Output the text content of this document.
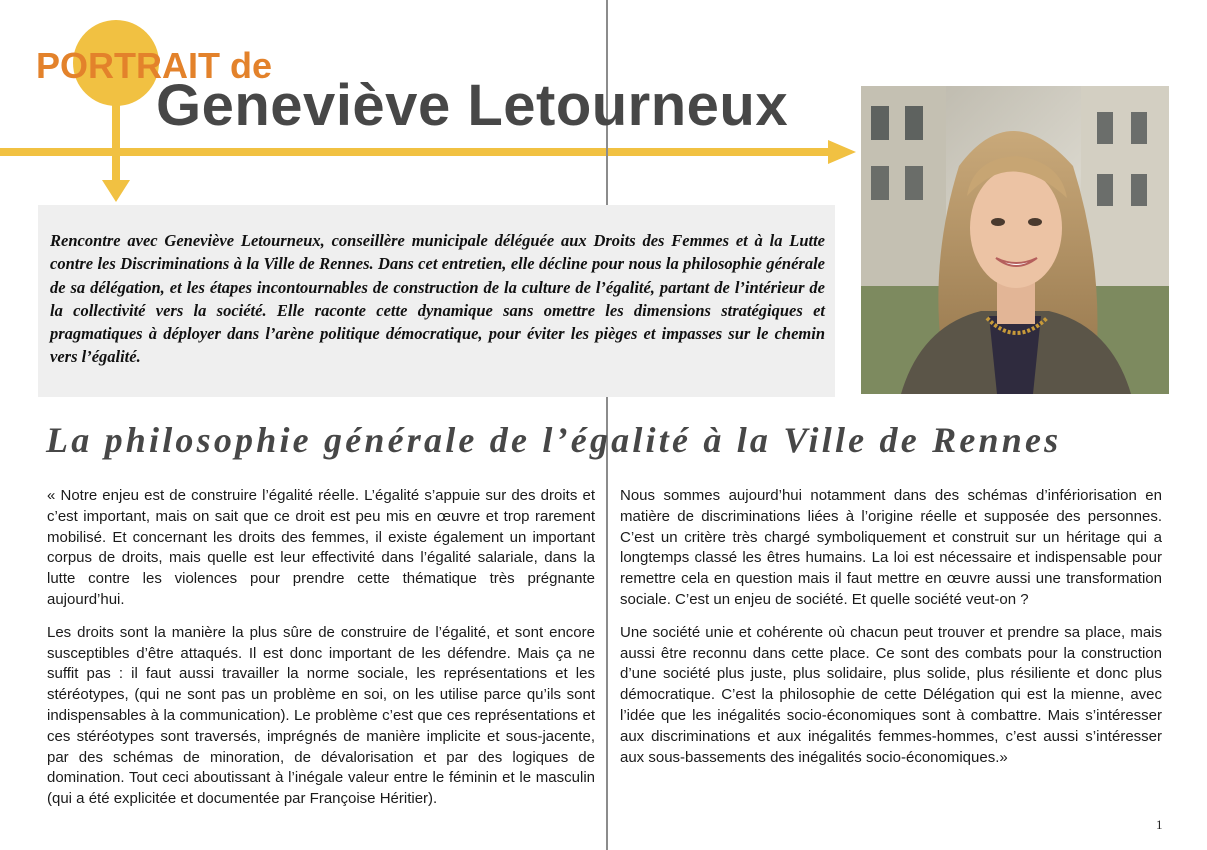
PORTRAIT de
Geneviève Letourneux

Rencontre avec Geneviève Letourneux, conseillère municipale déléguée aux Droits des Femmes et à la Lutte contre les Discriminations à la Ville de Rennes. Dans cet entretien, elle décline pour nous la philosophie générale de sa délégation, et les étapes incontournables de construction de la culture de l’égalité, partant de l’intérieur de la collectivité vers la société. Elle raconte cette dynamique sans omettre les dimensions stratégiques et pragmatiques à déployer dans l’arène politique démocratique, pour éviter les pièges et impasses sur le chemin vers l’égalité.

La philosophie générale de l’égalité à la Ville de Rennes

« Notre enjeu est de construire l’égalité réelle. L’égalité s’appuie sur des droits et c’est important, mais on sait que ce droit est peu mis en œuvre et trop rarement mobilisé. Et concernant les droits des femmes, il existe également un important corpus de droits, mais quelle est leur effectivité dans l’égalité salariale, dans la lutte contre les violences pour prendre cette thématique très prégnante aujourd’hui.

Les droits sont la manière la plus sûre de construire de l’égalité, et sont encore susceptibles d’être attaqués. Il est donc important de les défendre. Mais ça ne suffit pas : il faut aussi travailler la norme sociale, les représentations et les stéréotypes, (qui ne sont pas un problème en soi, on les utilise parce qu’ils sont indispensables à la communication). Le problème c’est que ces représentations et ces stéréotypes sont traversés, imprégnés de manière implicite et sous-jacente, par des schémas de minoration, de dévalorisation et par des logiques de domination. Tout ceci aboutissant à l’inégale valeur entre le féminin et le masculin (qui a été explicitée et documentée par Françoise Héritier).

Nous sommes aujourd’hui notamment dans des schémas d’infériorisation en matière de discriminations liées à l’origine réelle et supposée des personnes. C’est un critère très chargé symboliquement et construit sur un héritage qui a longtemps classé les êtres humains. La loi est nécessaire et indispensable pour remettre cela en question mais il faut mettre en œuvre aussi une transformation sociale. C’est un enjeu de société. Et quelle société veut-on ?

Une société unie et cohérente où chacun peut trouver et prendre sa place, mais aussi être reconnu dans cette place. Ce sont des combats pour la construction d’une société plus juste, plus solidaire, plus solide, plus résiliente et donc plus démocratique. C’est la philosophie de cette Délégation qui est la mienne, avec l’idée que les inégalités socio-économiques sont à combattre. Mais s’intéresser aux discriminations et aux inégalités femmes-hommes, c’est aussi s’intéresser aux sous-bassements des inégalités socio-économiques.»

1
